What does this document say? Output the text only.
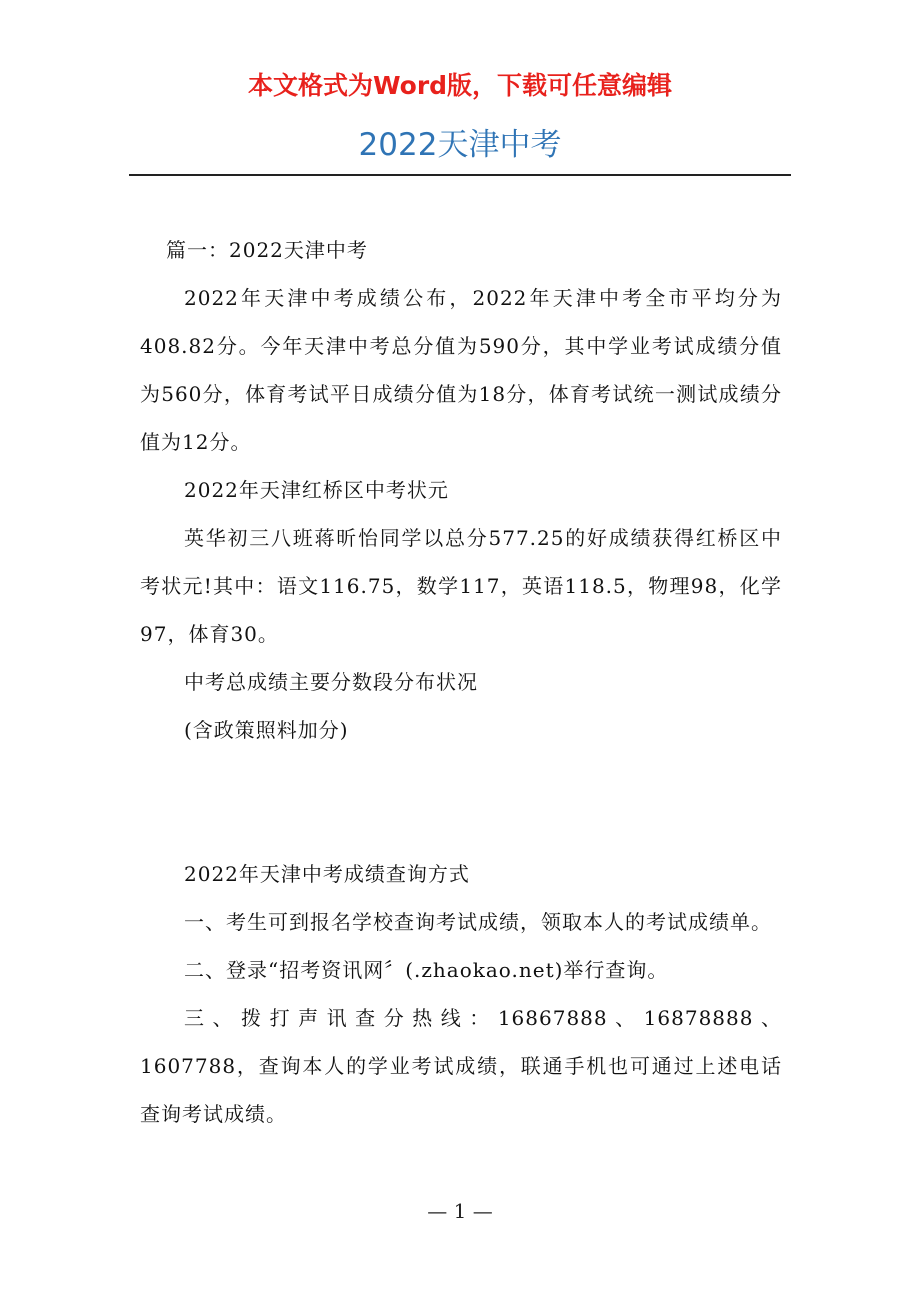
本文格式为Word版，下载可任意编辑
2022天津中考

篇一：2022天津中考

2022年天津中考成绩公布，2022年天津中考全市平均分为408.82分。今年天津中考总分值为590分，其中学业考试成绩分值为560分，体育考试平日成绩分值为18分，体育考试统一测试成绩分值为12分。

2022年天津红桥区中考状元

英华初三八班蒋昕怡同学以总分577.25的好成绩获得红桥区中考状元!其中：语文116.75，数学117，英语118.5，物理98，化学97，体育30。

中考总成绩主要分数段分布状况

(含政策照料加分)

2022年天津中考成绩查询方式

一、考生可到报名学校查询考试成绩，领取本人的考试成绩单。

二、登录“招考资讯网〞(.zhaokao.net)举行查询。

三、拨打声讯查分热线：16867888、16878888、1607788，查询本人的学业考试成绩，联通手机也可通过上述电话查询考试成绩。

— 1 —
